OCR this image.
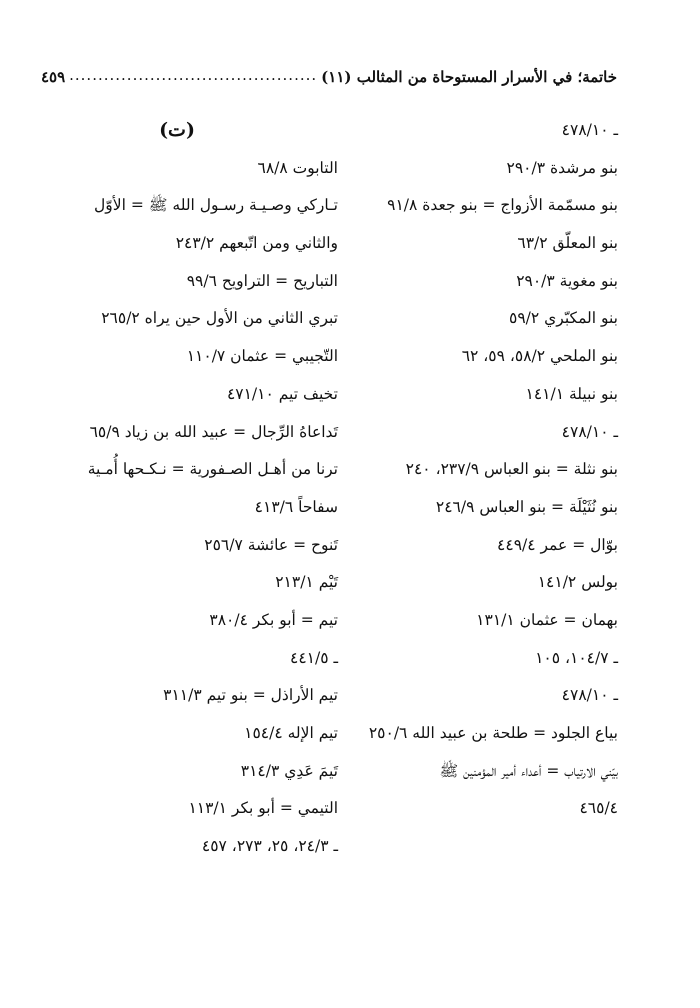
خاتمة؛ في الأسرار المستوحاة من المثالب (١١)
...........................................
٤٥٩
ـ ٤٧٨/١٠
بنو مرشدة ٢٩٠/٣
بنو مسمّمة الأزواج = بنو جعدة ٩١/٨
بنو المعلّق ٦٣/٢
بنو مغوية ٢٩٠/٣
بنو المكبّري ٥٩/٢
بنو الملحي ٥٨/٢، ٥٩، ٦٢
بنو نبيلة ١٤١/١
ـ ٤٧٨/١٠
بنو نثلة = بنو العباس ٢٣٧/٩، ٢٤٠
بنو نُثَيْلَة = بنو العباس ٢٤٦/٩
بوّال = عمر ٤٤٩/٤
بولس ١٤١/٢
بهمان = عثمان ١٣١/١
ـ ١٠٤/٧، ١٠٥
ـ ٤٧٨/١٠
بياع الجلود = طلحة بن عبيد الله ٢٥٠/٦
بيّني الارتياب = أعداء أمير المؤمنين ﷺ
٤٦٥/٤
(ت)
التابوت ٦٨/٨
تـاركي وصـيـة رسـول الله ﷺ = الأوّل
والثاني ومن اتّبعهم ٢٤٣/٢
التباريح = التراويح ٩٩/٦
تبري الثاني من الأول حين يراه ٢٦٥/٢
التّجيبي = عثمان ١١٠/٧
تخيف تيم ٤٧١/١٠
تَداعاهُ الرِّجال = عبيد الله بن زياد ٦٥/٩
ترنا من أهـل الصـفورية = نـكـحها أُمـية
سفاحاً ٤١٣/٦
تَنوح = عائشة ٢٥٦/٧
تَيْم ٢١٣/١
تيم = أبو بكر ٣٨٠/٤
ـ ٤٤١/٥
تيم الأراذل = بنو تيم ٣١١/٣
تيم الإله ١٥٤/٤
تَيمَ عَدِي ٣١٤/٣
التيمي = أبو بكر ١١٣/١
ـ ٢٤/٣، ٢٥، ٢٧٣، ٤٥٧
